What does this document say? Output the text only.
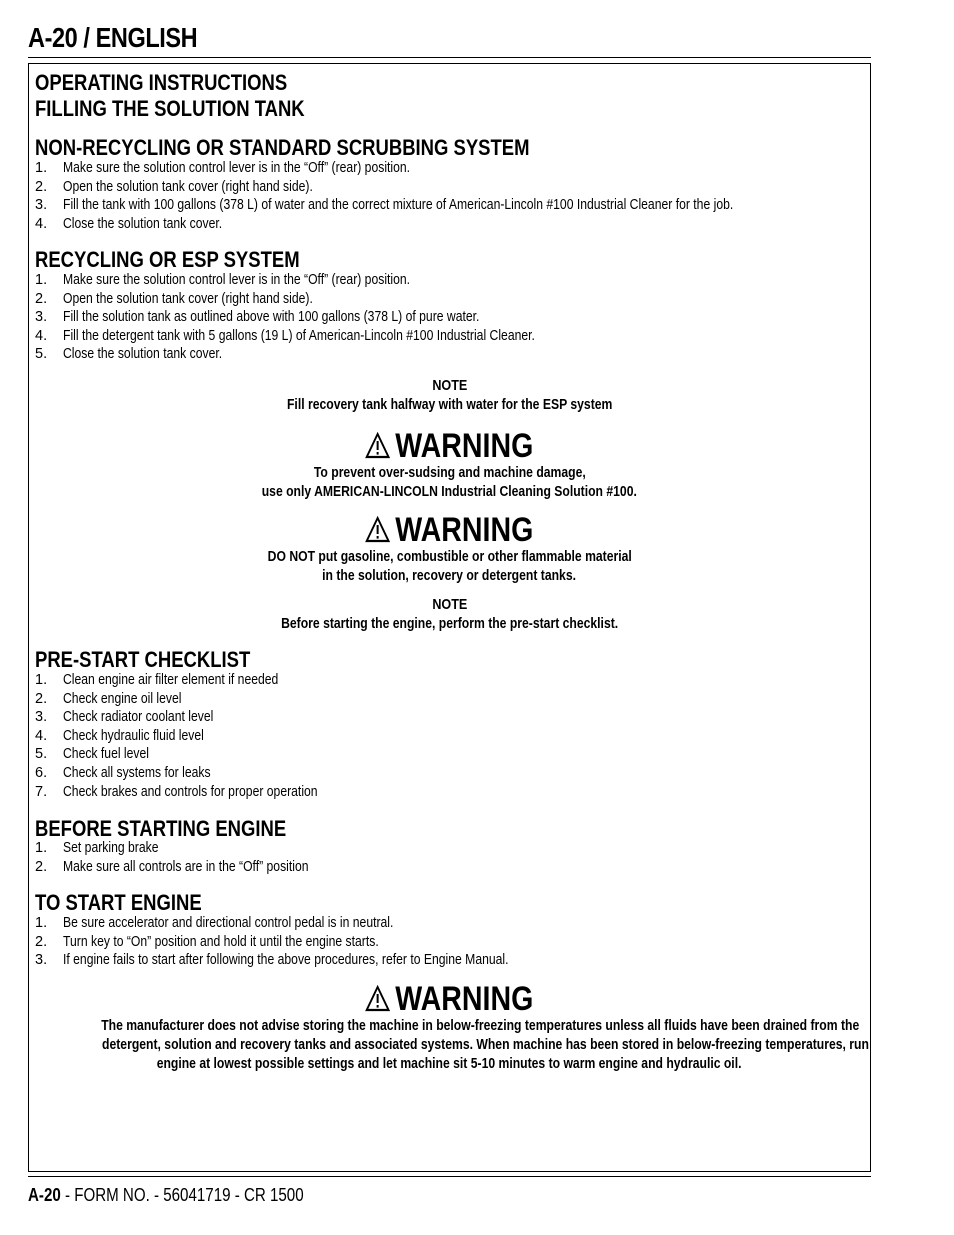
A-20 / ENGLISH
OPERATING INSTRUCTIONS
FILLING THE SOLUTION TANK
NON-RECYCLING OR STANDARD SCRUBBING SYSTEM
1.	Make sure the solution control lever is in the “Off” (rear) position.
2.	Open the solution tank cover (right hand side).
3.	Fill the tank with 100 gallons (378 L) of water and the correct mixture of American-Lincoln #100 Industrial Cleaner for the job.
4.	Close the solution tank cover.
RECYCLING OR ESP SYSTEM
1.	Make sure the solution control lever is in the “Off” (rear) position.
2.	Open the solution tank cover (right hand side).
3.	Fill the solution tank as outlined above with 100 gallons (378 L) of pure water.
4.	Fill the detergent tank with 5 gallons (19 L) of American-Lincoln #100 Industrial Cleaner.
5.	Close the solution tank cover.
NOTE
Fill recovery tank halfway with water for the ESP system
WARNING
To prevent over-sudsing and machine damage,
use only AMERICAN-LINCOLN Industrial Cleaning Solution #100.
WARNING
DO NOT put gasoline, combustible or other flammable material
in the solution, recovery or detergent tanks.
NOTE
Before starting the engine, perform the pre-start checklist.
PRE-START CHECKLIST
1.	Clean engine air filter element if needed
2.	Check engine oil level
3.	Check radiator coolant level
4.	Check hydraulic fluid level
5.	Check fuel level
6.	Check all systems for leaks
7.	Check brakes and controls for proper operation
BEFORE STARTING ENGINE
1.	Set parking brake
2.	Make sure all controls are in the “Off” position
TO START ENGINE
1.	Be sure accelerator and directional control pedal is in neutral.
2.	Turn key to “On” position and hold it until the engine starts.
3.	If engine fails to start after following the above procedures, refer to Engine Manual.
WARNING
The manufacturer does not advise storing the machine in below-freezing temperatures unless all fluids have been drained from the
detergent, solution and recovery tanks and associated systems. When machine has been stored in below-freezing temperatures, run
engine at lowest possible settings and let machine sit 5-10 minutes to warm engine and hydraulic oil.
A-20 - FORM NO. - 56041719 - CR 1500
